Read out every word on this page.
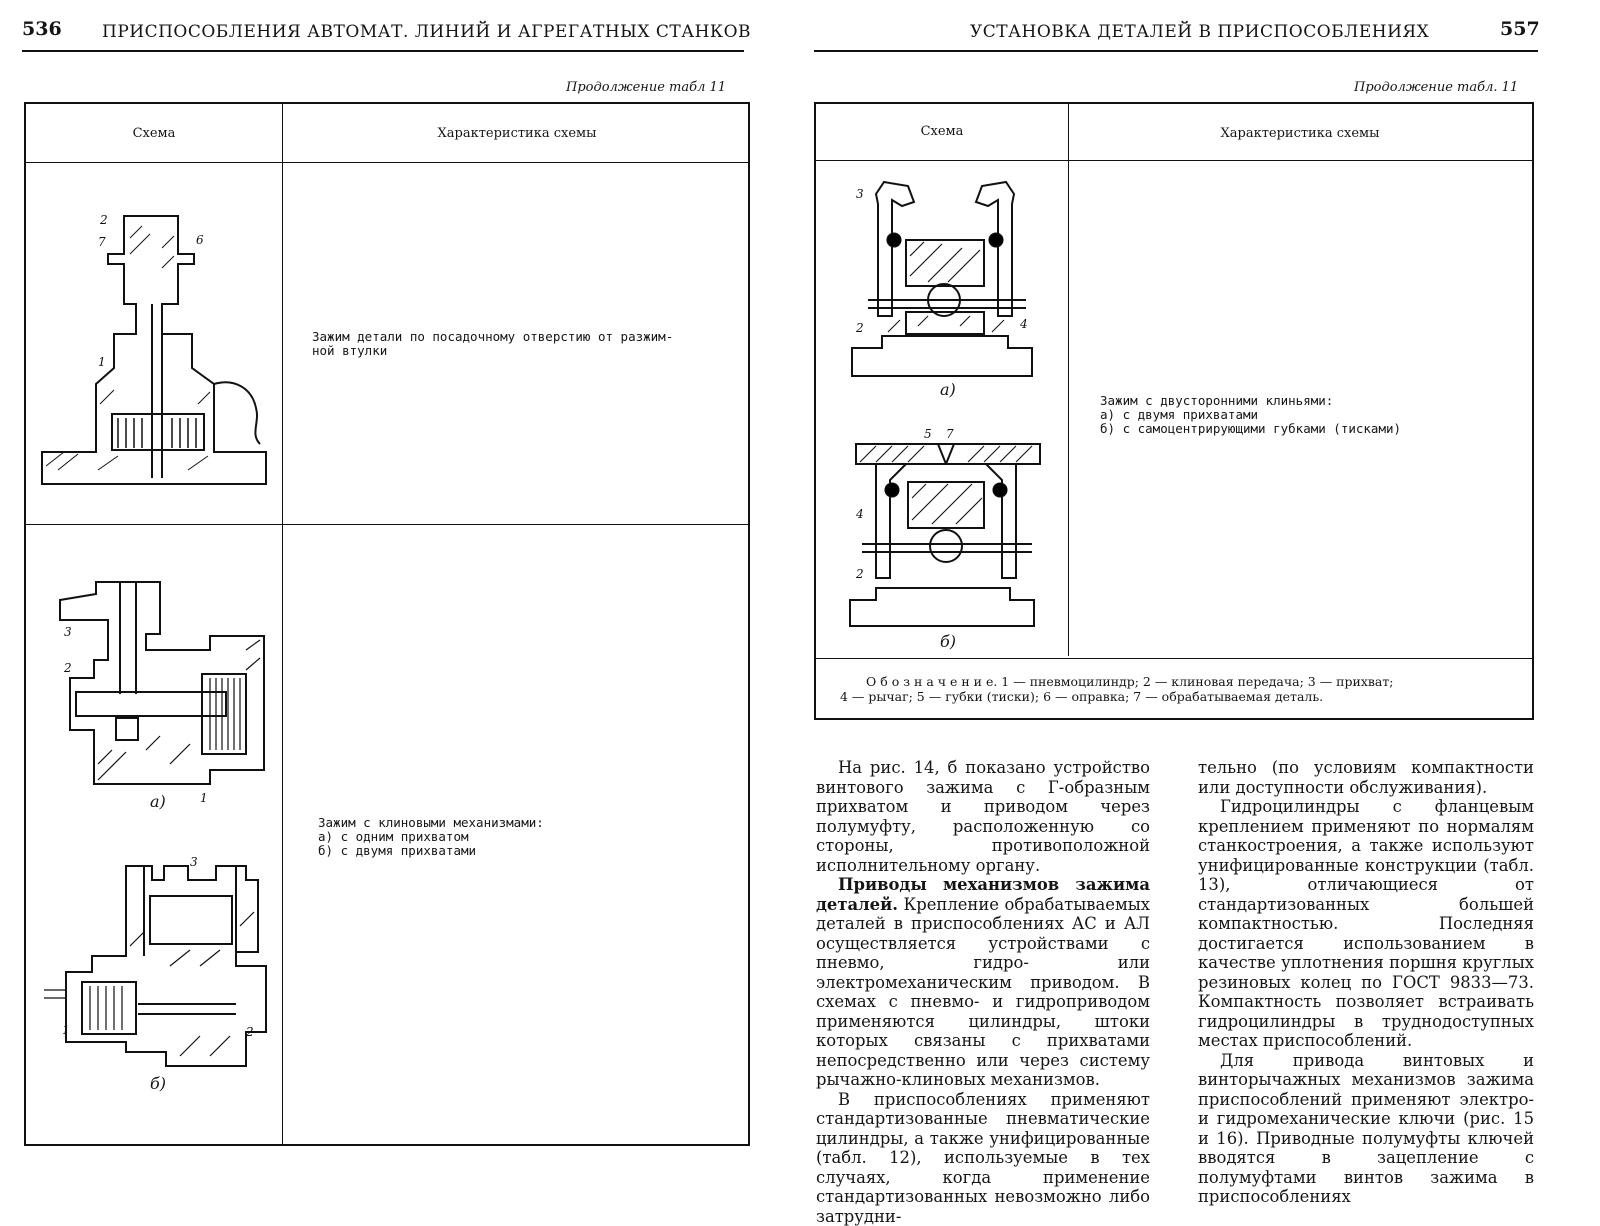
536 ПРИСПОСОБЛЕНИЯ АВТОМАТ. ЛИНИЙ И АГРЕГАТНЫХ СТАНКОВ
Продолжение табл 11
Схема	Характеристика схемы
Зажим детали по посадочному отверстию от разжим-
ной втулки
Зажим с клиновыми механизмами:
а) с одним прихватом
б) с двумя прихватами
2
7	6
1
3
2
1
а)
3
1	2
б)
УСТАНОВКА ДЕТАЛЕЙ В ПРИСПОСОБЛЕНИЯХ	557
Продолжение табл. 11
Схема	Характеристика схемы
Зажим с двусторонними клиньями:
а) с двумя прихватами
б) с самоцентрирующими губками (тисками)
О б о з н а ч е н и е. 1 — пневмоцилиндр; 2 — клиновая передача; 3 — прихват;
4 — рычаг; 5 — губки (тиски); 6 — оправка; 7 — обрабатываемая деталь.
3
2	4
а)
5 7
4
2
б)

На рис. 14, б показано устройство винтового зажима с Г-образным прихватом и приводом через полумуфту, расположенную со стороны, противоположной исполнительному органу.

Приводы механизмов зажима деталей. Крепление обрабатываемых деталей в приспособлениях АС и АЛ осуществляется устройствами с пневмо, гидро- или электромеханическим приводом. В схемах с пневмо- и гидроприводом применяются цилиндры, штоки которых связаны с прихватами непосредственно или через систему рычажно-клиновых механизмов.

В приспособлениях применяют стандартизованные пневматические цилиндры, а также унифицированные (табл. 12), используемые в тех случаях, когда применение стандартизованных невозможно либо затрудни-

тельно (по условиям компактности или доступности обслуживания).

Гидроцилиндры с фланцевым креплением применяют по нормалям станкостроения, а также используют унифицированные конструкции (табл. 13), отличающиеся от стандартизованных большей компактностью. Последняя достигается использованием в качестве уплотнения поршня круглых резиновых колец по ГОСТ 9833—73. Компактность позволяет встраивать гидроцилиндры в труднодоступных местах приспособлений.

Для привода винтовых и винторычажных механизмов зажима приспособлений применяют электро- и гидромеханические ключи (рис. 15 и 16). Приводные полумуфты ключей вводятся в зацепление с полумуфтами винтов зажима в приспособлениях
